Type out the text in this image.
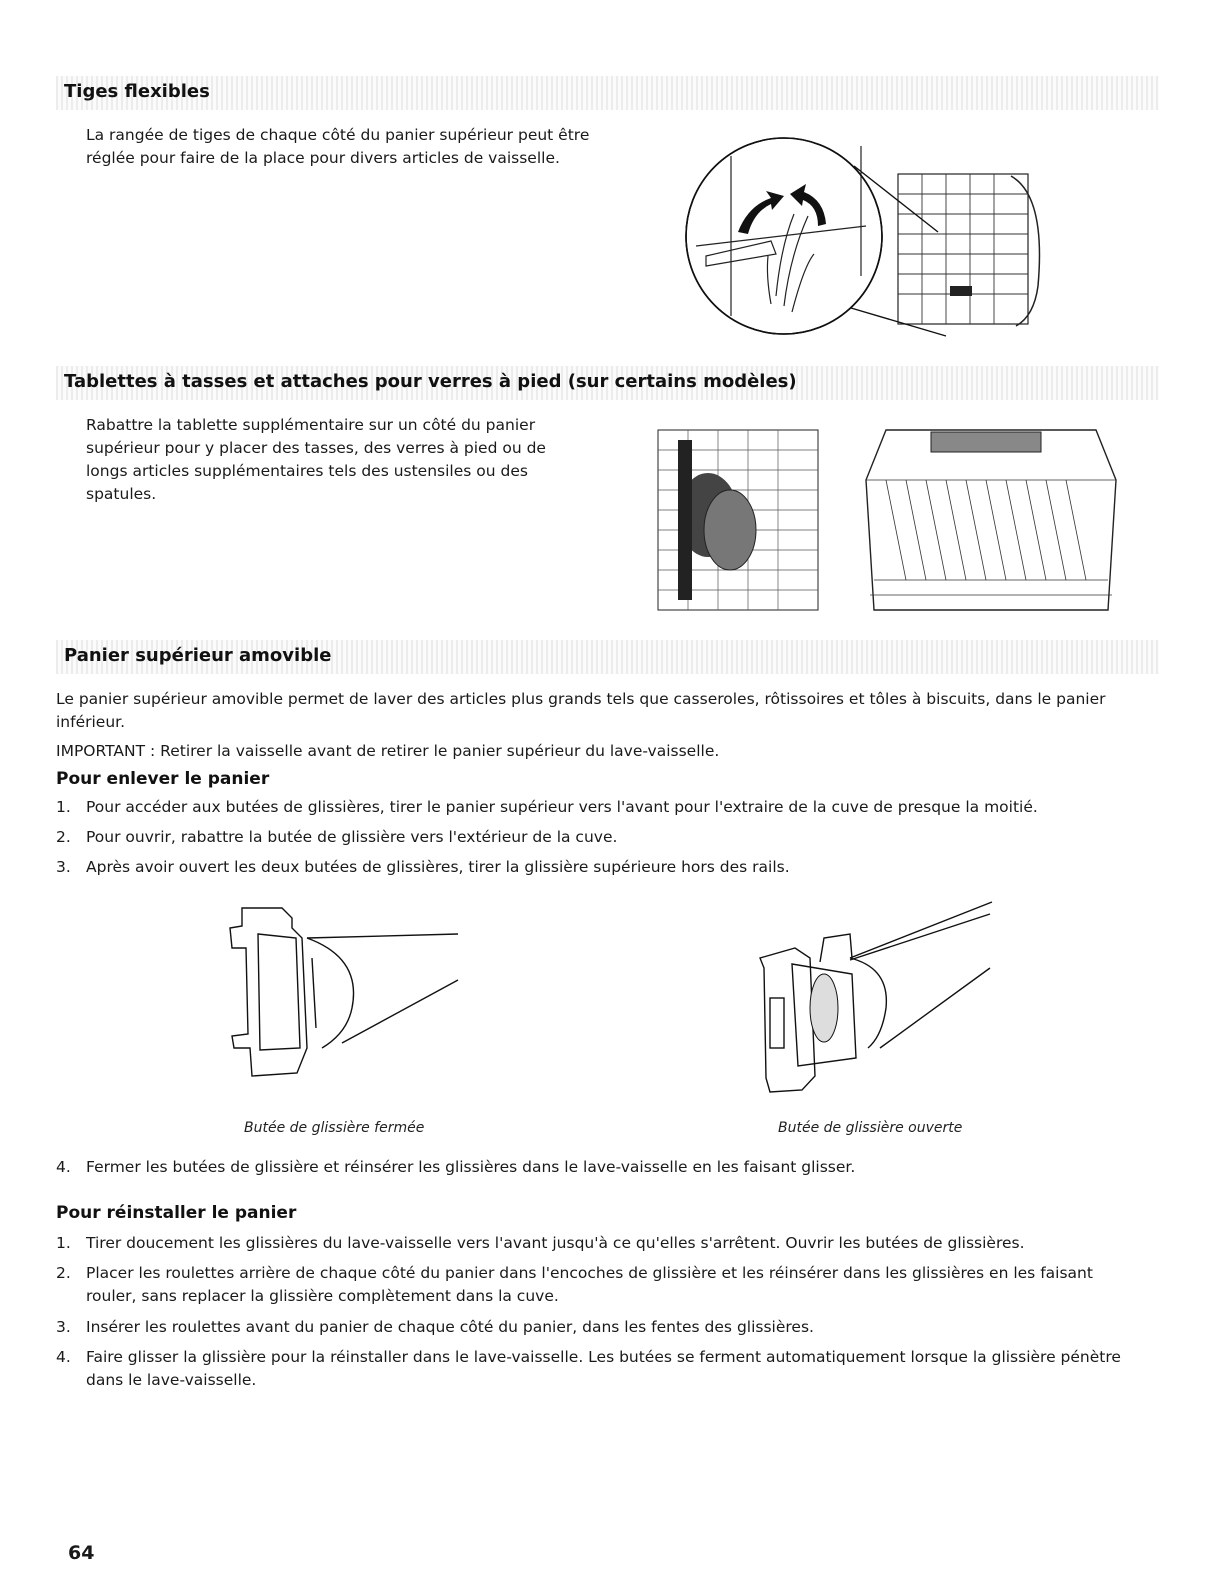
Tiges flexibles
La rangée de tiges de chaque côté du panier supérieur peut être réglée pour faire de la place pour divers articles de vaisselle.
Tablettes à tasses et attaches pour verres à pied (sur certains modèles)
Rabattre la tablette supplémentaire sur un côté du panier supérieur pour y placer des tasses, des verres à pied ou de longs articles supplémentaires tels des ustensiles ou des spatules.
Panier supérieur amovible
Le panier supérieur amovible permet de laver des articles plus grands tels que casseroles, rôtissoires et tôles à biscuits, dans le panier inférieur.
IMPORTANT : Retirer la vaisselle avant de retirer le panier supérieur du lave-vaisselle.
Pour enlever le panier
1. Pour accéder aux butées de glissières, tirer le panier supérieur vers l'avant pour l'extraire de la cuve de presque la moitié.
2. Pour ouvrir, rabattre la butée de glissière vers l'extérieur de la cuve.
3. Après avoir ouvert les deux butées de glissières, tirer la glissière supérieure hors des rails.
Butée de glissière fermée	Butée de glissière ouverte
4. Fermer les butées de glissière et réinsérer les glissières dans le lave-vaisselle en les faisant glisser.
Pour réinstaller le panier
1. Tirer doucement les glissières du lave-vaisselle vers l'avant jusqu'à ce qu'elles s'arrêtent. Ouvrir les butées de glissières.
2. Placer les roulettes arrière de chaque côté du panier dans l'encoches de glissière et les réinsérer dans les glissières en les faisant rouler, sans replacer la glissière complètement dans la cuve.
3. Insérer les roulettes avant du panier de chaque côté du panier, dans les fentes des glissières.
4. Faire glisser la glissière pour la réinstaller dans le lave-vaisselle. Les butées se ferment automatiquement lorsque la glissière pénètre dans le lave-vaisselle.
64
